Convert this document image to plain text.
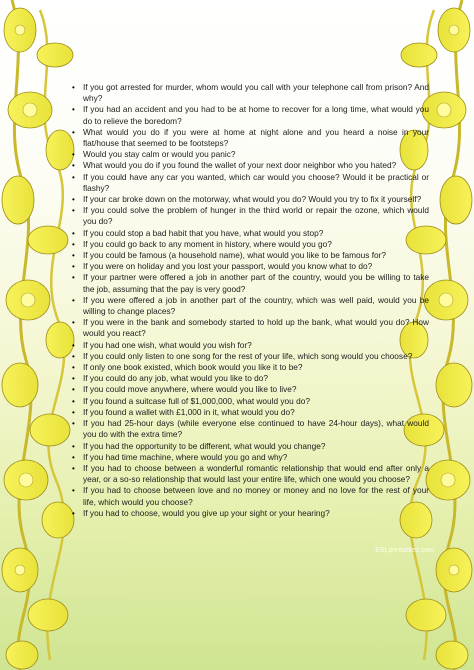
ESLprintables.com
• If you got arrested for murder, whom would you call with your telephone call from prison? And why?
• If you had an accident and you had to be at home to recover for a long time, what would you do to relieve the boredom?
• What would you do if you were at home at night alone and you heard a noise in your flat/house that seemed to be footsteps?
• Would you stay calm or would you panic?
• What would you do if you found the wallet of your next door neighbor who you hated?
• If you could have any car you wanted, which car would you choose? Would it be practical or flashy?
• If your car broke down on the motorway, what would you do? Would you try to fix it yourself?
• If you could solve the problem of hunger in the third world or repair the ozone, which would you do?
• If you could stop a bad habit that you have, what would you stop?
• If you could go back to any moment in history, where would you go?
• If you could be famous (a household name), what would you like to be famous for?
• If you were on holiday and you lost your passport, would you know what to do?
• If your partner were offered a job in another part of the country, would you be willing to take the job, assuming that the pay is very good?
• If you were offered a job in another part of the country, which was well paid, would you be willing to change places?
• If you were in the bank and somebody started to hold up the bank, what would you do? How would you react?
• If you had one wish, what would you wish for?
• If you could only listen to one song for the rest of your life, which song would you choose?
• If only one book existed, which book would you like it to be?
• If you could do any job, what would you like to do?
• If you could move anywhere, where would you like to live?
• If you found a suitcase full of $1,000,000, what would you do?
• If you found a wallet with £1,000 in it, what would you do?
• If you had 25-hour days (while everyone else continued to have 24-hour days), what would you do with the extra time?
• If you had the opportunity to be different, what would you change?
• If you had time machine, where would you go and why?
• If you had to choose between a wonderful romantic relationship that would end after only a year, or a so-so relationship that would last your entire life, which one would you choose?
• If you had to choose between love and no money or money and no love for the rest of your life, which would you choose?
• If you had to choose, would you give up your sight or your hearing?
